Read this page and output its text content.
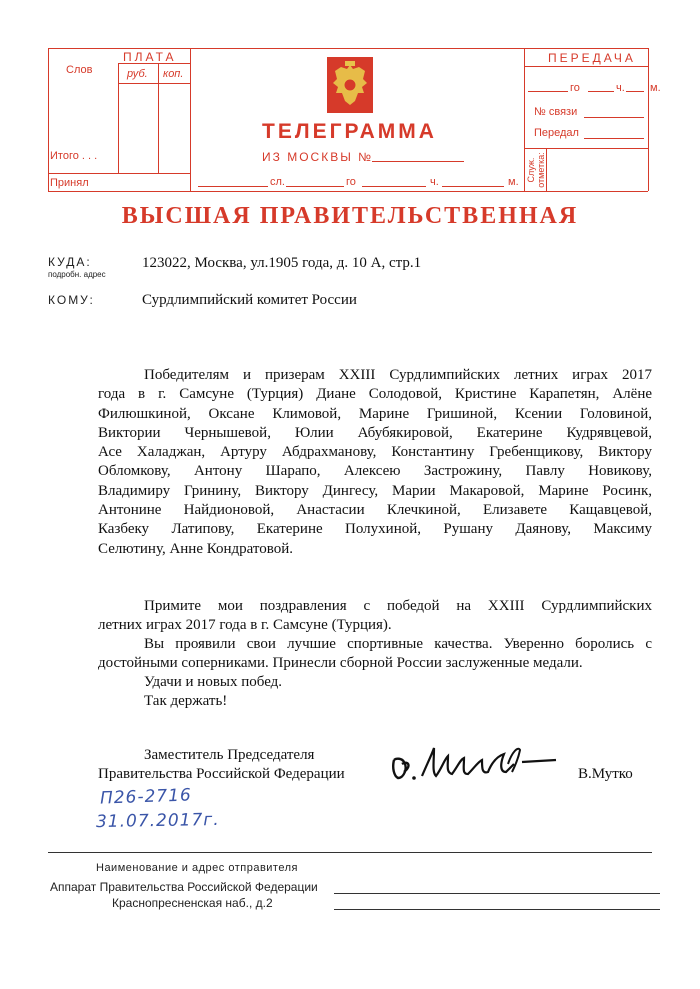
ПЛАТА
Слов	руб. коп.
Итого . . .
Принял
ТЕЛЕГРАММА
ИЗ МОСКВЫ №
сл.	го	ч.	м.
ПЕРЕДАЧА
го	ч. м.
№ связи
Передал
Служ. отметка:
ВЫСШАЯ ПРАВИТЕЛЬСТВЕННАЯ
КУДА:
подробн. адрес
123022, Москва, ул.1905 года, д. 10 А, стр.1
КОМУ:	Сурдлимпийский комитет России

Победителям и призерам XXIII Сурдлимпийских летних играх 2017

года в г. Самсуне (Турция) Диане Солодовой, Кристине Карапетян, Алёне

Филюшкиной, Оксане Климовой, Марине Гришиной, Ксении Головиной,

Виктории Чернышевой, Юлии Абубякировой, Екатерине Кудрявцевой,

Асе Халаджан, Артуру Абдрахманову, Константину Гребенщикову, Виктору

Обломкову, Антону Шарапо, Алексею Застрожину, Павлу Новикову,

Владимиру Гринину, Виктору Дингесу, Марии Макаровой, Марине Росинк,

Антонине Найдионовой, Анастасии Клечкиной, Елизавете Кащавцевой,

Казбеку Латипову, Екатерине Полухиной, Рушану Даянову, Максиму

Селютину, Анне Кондратовой.

Примите мои поздравления с победой на XXIII Сурдлимпийских

летних играх 2017 года в г. Самсуне (Турция).

Вы проявили свои лучшие спортивные качества. Уверенно боролись с

достойными соперниками. Принесли сборной России заслуженные медали.

Удачи и новых побед.

Так держать!

Заместитель Председателя
Правительства Российской Федерации	В.Мутко
П26-2716
31.07.2017г.
Наименование и адрес отправителя
Аппарат Правительства Российской Федерации
Краснопресненская наб., д.2
